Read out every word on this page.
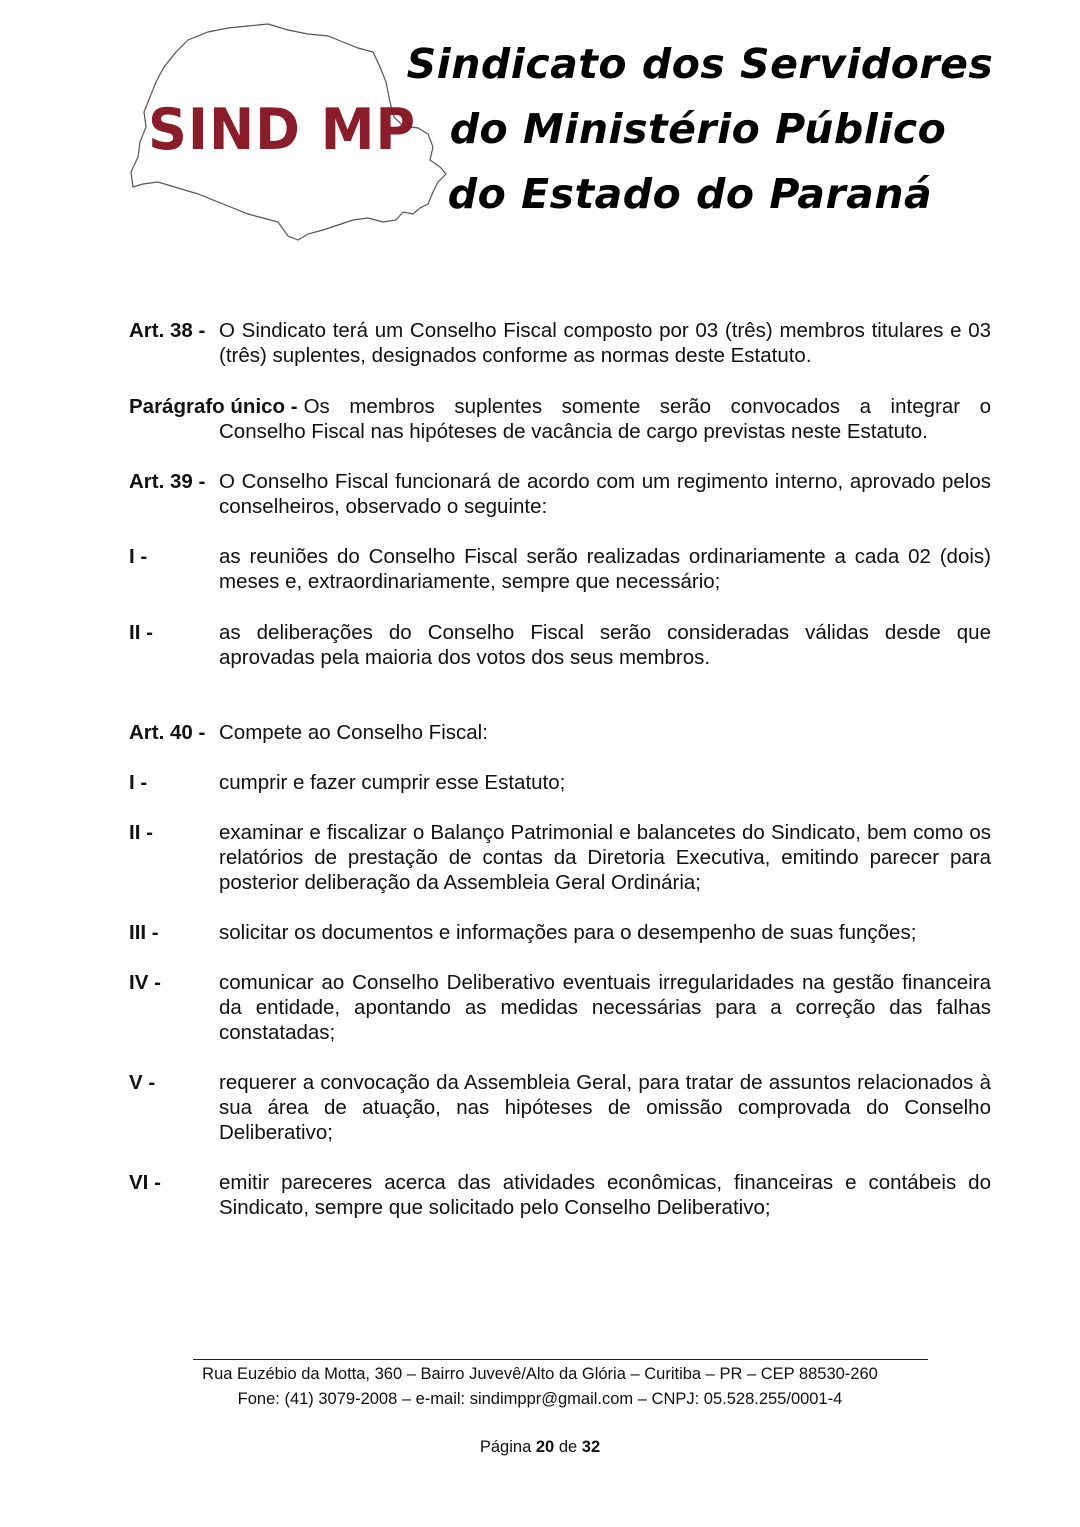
SIND MP
Sindicato dos Servidores
do Ministério Público
do Estado do Paraná
Art. 38 - O Sindicato terá um Conselho Fiscal composto por 03 (três) membros titulares e 03 (três) suplentes, designados conforme as normas deste Estatuto.
Parágrafo único - Os membros suplentes somente serão convocados a integrar o
Conselho Fiscal nas hipóteses de vacância de cargo previstas neste Estatuto.
Art. 39 - O Conselho Fiscal funcionará de acordo com um regimento interno, aprovado pelos conselheiros, observado o seguinte:
I -	as reuniões do Conselho Fiscal serão realizadas ordinariamente a cada 02 (dois) meses e, extraordinariamente, sempre que necessário;
II -	as deliberações do Conselho Fiscal serão consideradas válidas desde que aprovadas pela maioria dos votos dos seus membros.
Art. 40 - Compete ao Conselho Fiscal:
I -	cumprir e fazer cumprir esse Estatuto;
II -	examinar e fiscalizar o Balanço Patrimonial e balancetes do Sindicato, bem como os relatórios de prestação de contas da Diretoria Executiva, emitindo parecer para posterior deliberação da Assembleia Geral Ordinária;
III -	solicitar os documentos e informações para o desempenho de suas funções;
IV -	comunicar ao Conselho Deliberativo eventuais irregularidades na gestão financeira da entidade, apontando as medidas necessárias para a correção das falhas constatadas;
V -	requerer a convocação da Assembleia Geral, para tratar de assuntos relacionados à sua área de atuação, nas hipóteses de omissão comprovada do Conselho Deliberativo;
VI -	emitir pareceres acerca das atividades econômicas, financeiras e contábeis do Sindicato, sempre que solicitado pelo Conselho Deliberativo;
Rua Euzébio da Motta, 360 – Bairro Juvevê/Alto da Glória – Curitiba – PR – CEP 88530-260
Fone: (41) 3079-2008 – e-mail: sindimppr@gmail.com – CNPJ: 05.528.255/0001-4
Página 20 de 32
